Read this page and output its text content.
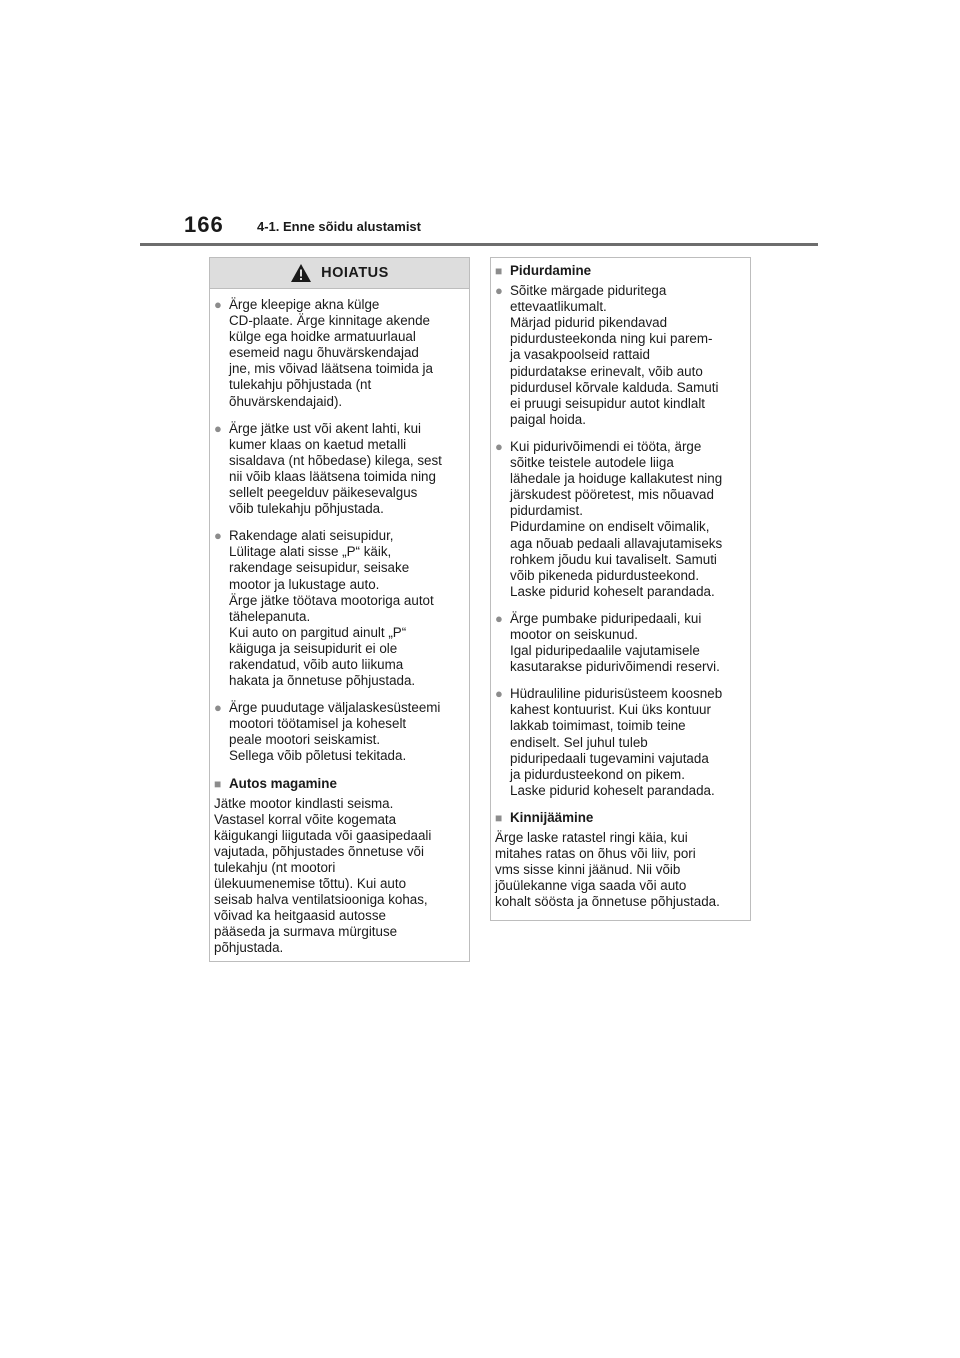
166	4-1. Enne sõidu alustamist
HOIATUS
● Ärge kleepige akna külge
CD-plaate. Ärge kinnitage akende
külge ega hoidke armatuurlaual
esemeid nagu õhuvärskendajad
jne, mis võivad läätsena toimida ja
tulekahju põhjustada (nt
õhuvärskendajaid).
● Ärge jätke ust või akent lahti, kui
kumer klaas on kaetud metalli
sisaldava (nt hõbedase) kilega, sest
nii võib klaas läätsena toimida ning
sellelt peegelduv päikesevalgus
võib tulekahju põhjustada.
● Rakendage alati seisupidur,
Lülitage alati sisse „P“ käik,
rakendage seisupidur, seisake
mootor ja lukustage auto.
Ärge jätke töötava mootoriga autot
tähelepanuta.
Kui auto on pargitud ainult „P“
käiguga ja seisupidurit ei ole
rakendatud, võib auto liikuma
hakata ja õnnetuse põhjustada.
● Ärge puudutage väljalaskesüsteemi
mootori töötamisel ja koheselt
peale mootori seiskamist.
Sellega võib põletusi tekitada.
■ Autos magamine
Jätke mootor kindlasti seisma.
Vastasel korral võite kogemata
käigukangi liigutada või gaasipedaali
vajutada, põhjustades õnnetuse või
tulekahju (nt mootori
ülekuumenemise tõttu). Kui auto
seisab halva ventilatsiooniga kohas,
võivad ka heitgaasid autosse
pääseda ja surmava mürgituse
põhjustada.
■ Pidurdamine
● Sõitke märgade piduritega
ettevaatlikumalt.
Märjad pidurid pikendavad
pidurdusteekonda ning kui parem-
ja vasakpoolseid rattaid
pidurdatakse erinevalt, võib auto
pidurdusel kõrvale kalduda. Samuti
ei pruugi seisupidur autot kindlalt
paigal hoida.
● Kui pidurivõimendi ei tööta, ärge
sõitke teistele autodele liiga
lähedale ja hoiduge kallakutest ning
järskudest pööretest, mis nõuavad
pidurdamist.
Pidurdamine on endiselt võimalik,
aga nõuab pedaali allavajutamiseks
rohkem jõudu kui tavaliselt. Samuti
võib pikeneda pidurdusteekond.
Laske pidurid koheselt parandada.
● Ärge pumbake piduripedaali, kui
mootor on seiskunud.
Igal piduripedaalile vajutamisele
kasutarakse pidurivõimendi reservi.
● Hüdrauliline pidurisüsteem koosneb
kahest kontuurist. Kui üks kontuur
lakkab toimimast, toimib teine
endiselt. Sel juhul tuleb
piduripedaali tugevamini vajutada
ja pidurdusteekond on pikem.
Laske pidurid koheselt parandada.
■ Kinnijäämine
Ärge laske ratastel ringi käia, kui
mitahes ratas on õhus või liiv, pori
vms sisse kinni jäänud. Nii võib
jõuülekanne viga saada või auto
kohalt söösta ja õnnetuse põhjustada.
